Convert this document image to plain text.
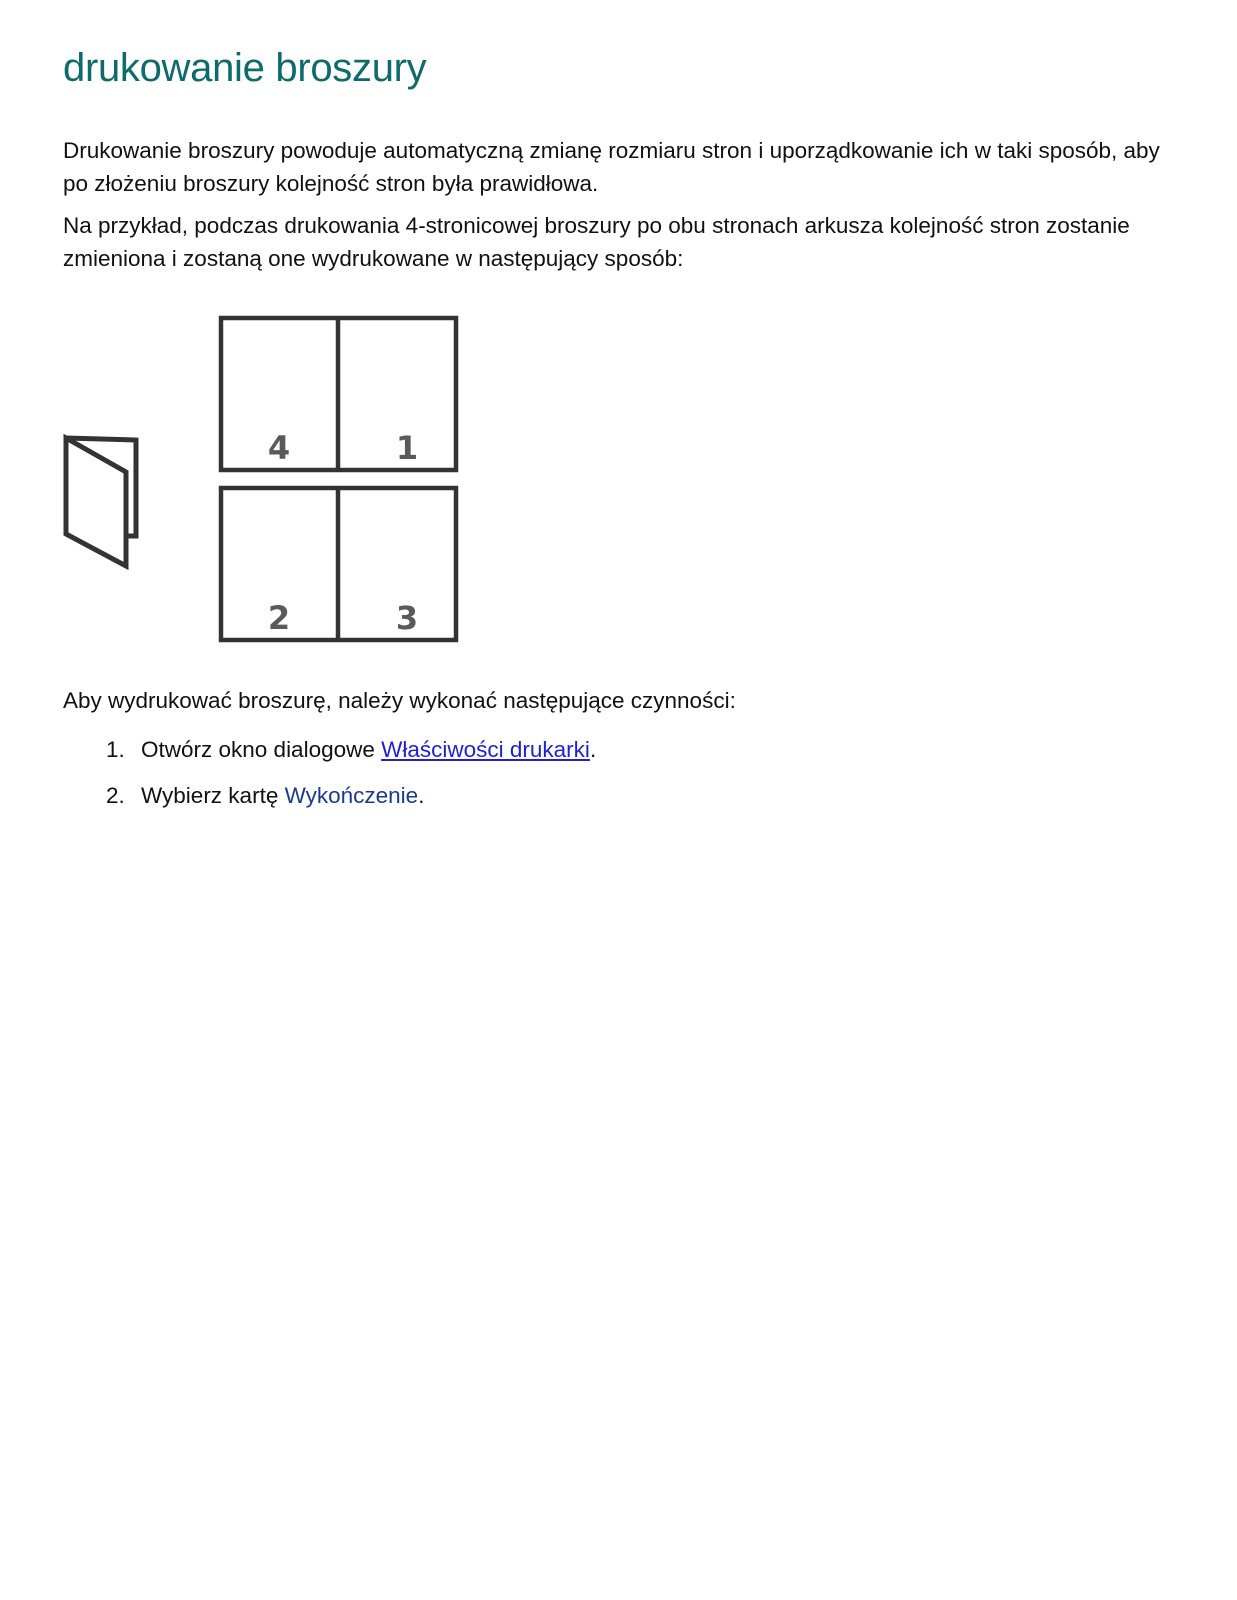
drukowanie broszury

Drukowanie broszury powoduje automatyczną zmianę rozmiaru stron i uporządkowanie ich w taki sposób, aby po złożeniu broszury kolejność stron była prawidłowa.

Na przykład, podczas drukowania 4-stronicowej broszury po obu stronach arkusza kolejność stron zostanie zmieniona i zostaną one wydrukowane w następujący sposób:

4	1
2	3

Aby wydrukować broszurę, należy wykonać następujące czynności:

1. Otwórz okno dialogowe Właściwości drukarki.
2. Wybierz kartę Wykończenie.
